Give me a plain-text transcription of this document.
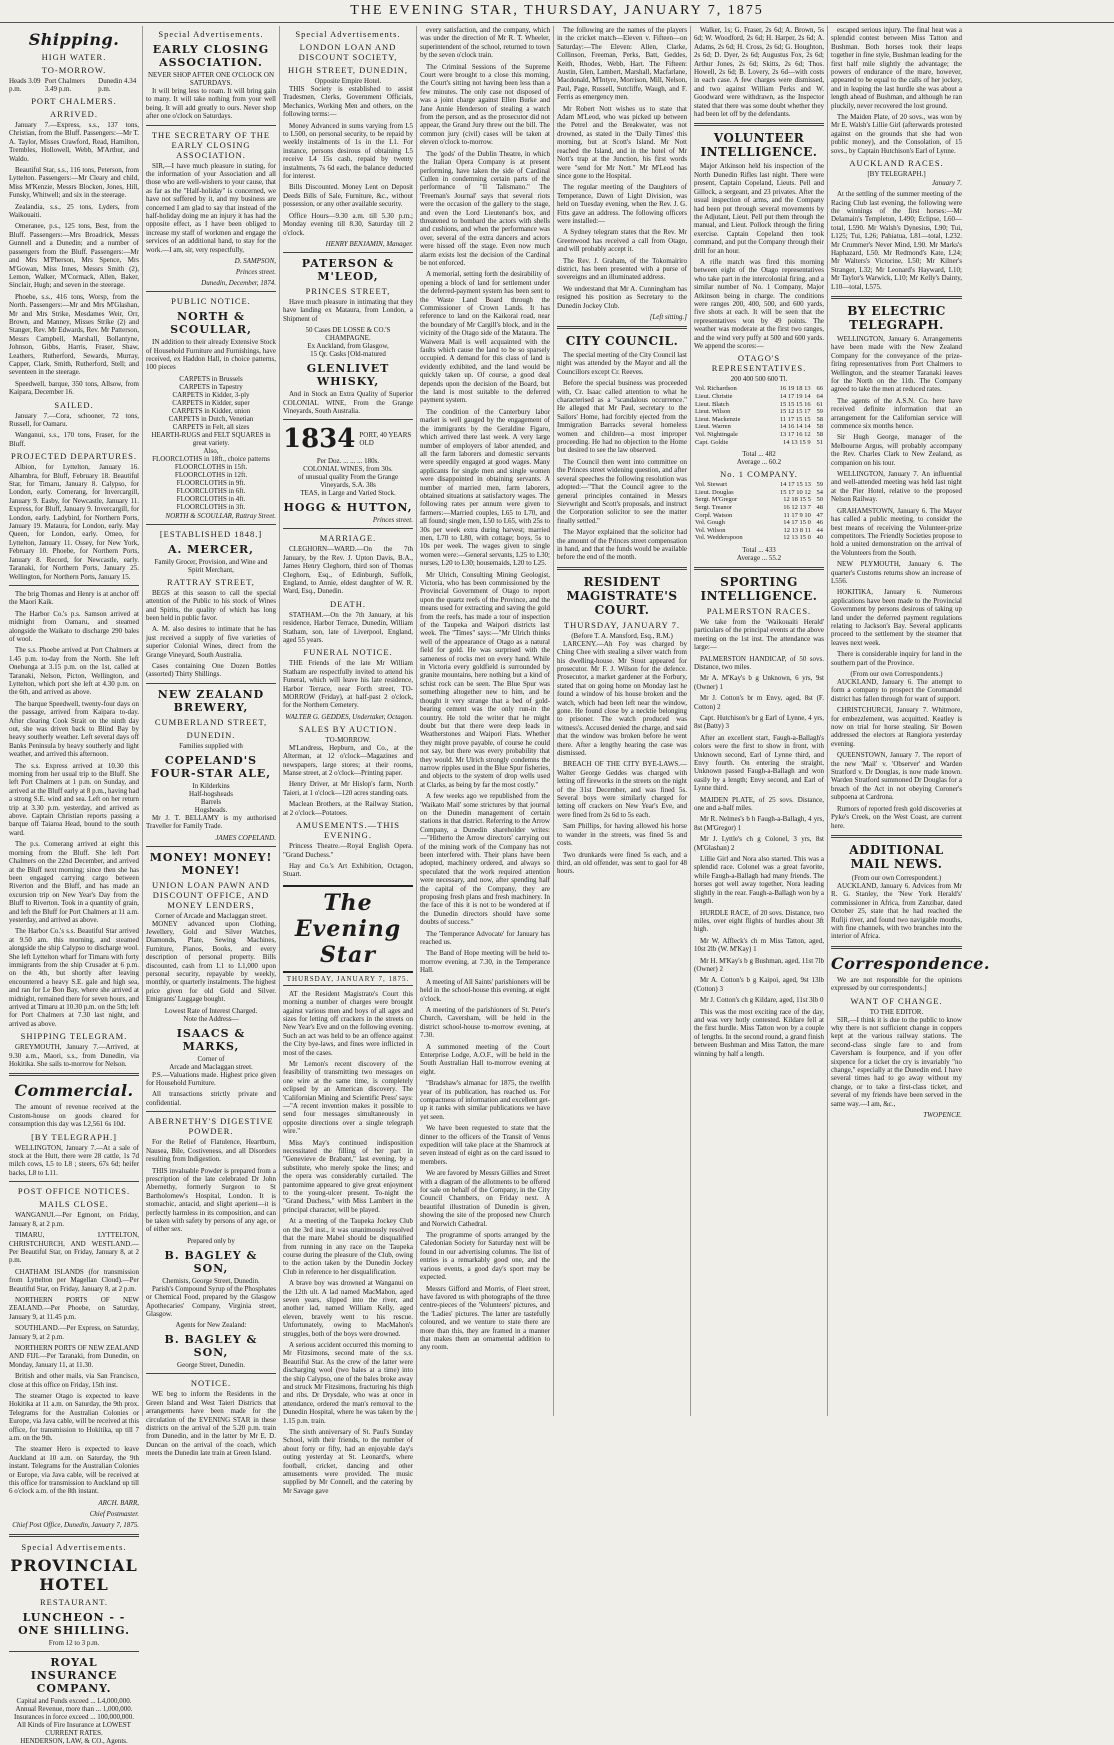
THE EVENING STAR, THURSDAY, JANUARY 7, 1875
Shipping.
HIGH WATER.
TO-MORROW.
Heads 3.09 p.m.
Port Chalmers 3.49 p.m.
Dunedin 4.34 p.m.
PORT CHALMERS.
ARRIVED.

January 7.—Express, s.s., 137 tons, Christian, from the Bluff. Passengers:—Mr T. A. Taylor, Misses Crawford, Read, Hamilton, Trembles, Hollowell, Webb, M'Arthur, and Waldo.

Beautiful Star, s.s., 116 tons, Peterson, from Lyttelton. Passengers:—Mr Cleary and child, Miss M'Kenzie, Messrs Blocken, Jones, Hill, Funsky, Whitwell; and six in the steerage.

Zealandia, s.s., 25 tons, Lyders, from Waikouaiti.

Omeranee, p.s., 125 tons, Best, from the Bluff. Passengers:—Mrs Broadrick, Messrs Gunnell and a Dunedin; and a number of passengers from the Bluff. Passengers:—Mr and Mrs M'Pherson, Mrs Spence, Mrs M'Gowan, Miss Innes, Messrs Smith (2), Lemon, Walker, M'Cormack, Allen, Baker, Sinclair, Hugh; and seven in the steerage.

Phoebe, s.s., 416 tons, Worsp, from the North. Passengers:—Mr and Mrs M'Glashan, Mr and Mrs Strike, Mesdames Weir, Orr, Brown, and Manney, Misses Strike (2) and Stanger, Rev. Mr Edwards, Rev. Mr Patterson, Messrs Campbell, Marshall, Bollantyne, Johnson, Gibbs, Harris, Fraser, Shaw, Leathers, Rutherford, Sewards, Murray, Capper, Clark, Smith, Rutherford, Stell; and seventeen in the steerage.

Speedwell, barque, 350 tons, Allsow, from Kaipara, December 16.

SAILED.

January 7.—Cora, schooner, 72 tons, Russell, for Oamaru.

Wanganui, s.s., 170 tons, Fraser, for the Bluff.

PROJECTED DEPARTURES.

Albion, for Lyttelton, January 16. Alhambra, for Bluff, February 18. Beautiful Star, for Timaru, January 8. Calypso, for London, early. Comerang, for Invercargill, January 9. Easby, for Newcastle, January 11. Express, for Bluff, January 9. Invercargill, for London, early. Ladybird, for Northern Ports, January 19. Mataura, for London, early. May Queen, for London, early. Omeo, for Lyttelton, January 11. Ossey, for New York, February 10. Phoebe, for Northern Ports, January 8. Record, for Newcastle, early. Taranaki, for Northern Ports, January 25. Wellington, for Northern Ports, January 15.

The brig Thomas and Henry is at anchor off the Maori Kaik.

The Harbor Co.'s p.s. Samson arrived at midnight from Oamaru, and steamed alongside the Waikato to discharge 290 bales of wool.

The s.s. Phoebe arrived at Port Chalmers at 1.45 p.m. to-day from the North. She left Onehunga at 3.15 p.m. on the 1st, called at Taranaki, Nelson, Picton, Wellington, and Lyttelton, which port she left at 4.30 p.m. on the 6th, and arrived as above.

The barque Speedwell, twenty-four days on the passage, arrived from Kaipara to-day. After clearing Cook Strait on the ninth day out, she was driven back to Blind Bay by heavy southerly weather. Left several days off Banks Peninsula by heavy southerly and light weather, and arrived this afternoon.

The s.s. Express arrived at 10.30 this morning from her usual trip to the Bluff. She left Port Chalmers at 1 p.m. on Sunday, and arrived at the Bluff early at 8 p.m., having had a strong S.E. wind and sea. Left on her return trip at 3.30 p.m. yesterday, and arrived as above. Captain Christian reports passing a barque off Taiaroa Head, bound to the south ward.

The p.s. Comerang arrived at eight this morning from the Bluff. She left Port Chalmers on the 22nd December, and arrived at the Bluff next morning; since then she has been engaged carrying cargo between Riverton and the Bluff, and has made an excursion trip on New Year's Day from the Bluff to Riverton. Took in a quantity of grain, and left the Bluff for Port Chalmers at 11 a.m. yesterday, and arrived as above.

The Harbor Co.'s s.s. Beautiful Star arrived at 9.50 am. this morning, and steamed alongside the ship Calypso to discharge wool. She left Lyttelton wharf for Timaru with forty immigrants from the ship Crusader at 6 p.m. on the 4th, but shortly after leaving encountered a heavy S.E. gale and high sea, and ran for Le Bon Bay, where she arrived at midnight, remained there for seven hours, and arrived at Timaru at 10.30 p.m. on the 5th; left for Port Chalmers at 7.30 last night, and arrived as above.

SHIPPING TELEGRAM.

GREYMOUTH, January 7.—Arrived, at 9.30 a.m., Maori, s.s., from Dunedin, via Hokitika. She sails to-morrow for Nelson.

Commercial.

The amount of revenue received at the Custom-house on goods cleared for consumption this day was L2,561 6s 10d.

[BY TELEGRAPH.]

WELLINGTON, January 7.—At a sale of stock at the Hutt, there were 28 cattle, 1s 7d milch cows, L5 to L8 ; steers, 67s 6d; heifer backs, L8 to L11.

POST OFFICE NOTICES.
MAILS CLOSE.

WANGANUI.—Per Egmont, on Friday, January 8, at 2 p.m.

TIMARU, LYTTELTON, CHRISTCHURCH, AND WESTLAND.—Per Beautiful Star, on Friday, January 8, at 2 p.m.

CHATHAM ISLANDS (for transmission from Lyttelton per Magellan Cloud).—Per Beautiful Star, on Friday, January 8, at 2 p.m.

NORTHERN PORTS OF NEW ZEALAND.—Per Phoebe, on Saturday, January 9, at 11.45 p.m.

SOUTHLAND.—Per Express, on Saturday, January 9, at 2 p.m.

NORTHERN PORTS OF NEW ZEALAND AND FIJI.—Per Taranaki, from Dunedin, on Monday, January 11, at 11.30.

British and other mails, via San Francisco, close at this office on Friday, 15th inst.

The steamer Otago is expected to leave Hokitika at 11 a.m. on Saturday, the 9th prox. Telegrams for the Australian Colonies or Europe, via Java cable, will be received at this office, for transmission to Hokitika, up till 7 a.m. on the 9th.

The steamer Hero is expected to leave Auckland at 10 a.m. on Saturday, the 9th instant. Telegrams for the Australian Colonies or Europe, via Java cable, will be received at this office for transmission to Auckland up till 6 o'clock a.m. of the 8th instant.

ARCH. BARR,
Chief Postmaster.
Chief Post Office, Dunedin, January 7, 1875.
Special Advertisements.
PROVINCIAL HOTEL
RESTAURANT.
LUNCHEON - - ONE SHILLING.
From 12 to 3 p.m.
ROYAL INSURANCE COMPANY.
Capital and Funds exceed ... L4,000,000.
Annual Revenue, more than ... 1,000,000.
Insurances in force exceed ... 100,000,000.
All Kinds of Fire Insurance at LOWEST CURRENT RATES.
HENDERSON, LAW, & CO., Agents.
Special Advertisements.
EARLY CLOSING ASSOCIATION.
NEVER SHOP AFTER ONE O'CLOCK ON SATURDAYS.

It will bring less to roam. It will bring gain to many. It will take nothing from your well being. It will add greatly to ours. Never shop after one o'clock on Saturdays.

THE SECRETARY OF THE EARLY CLOSING ASSOCIATION.

SIR,—I have much pleasure in stating, for the information of your Association and all those who are well-wishers to your cause, that as far as the "Half-holiday" is concerned, we have not suffered by it, and my business are concerned I am glad to say that instead of the half-holiday doing me an injury it has had the opposite effect, as I have been obliged to increase my staff of workmen and engage the services of an additional hand, to stay for the work.—I am, sir, very respectfully,

D. SAMPSON,
Princes street.
Dunedin, December, 1874.
PUBLIC NOTICE.
NORTH & SCOULLAR,

IN addition to their already Extensive Stock of Household Furniture and Furnishings, have received, ex Haddon Hall, in choice patterns, 100 pieces

CARPETS in Brussels
CARPETS in Tapestry
CARPETS in Kidder, 3-ply
CARPETS in Kidder, super
CARPETS in Kidder, union
CARPETS in Dutch, Venetian
CARPETS in Felt, all sizes
HEARTH-RUGS and FELT SQUARES in great variety.
Also,
FLOORCLOTHS in 18ft., choice patterns
FLOORCLOTHS in 15ft.
FLOORCLOTHS in 12ft.
FLOORCLOTHS in 9ft.
FLOORCLOTHS in 6ft.
FLOORCLOTHS in 4ft.
FLOORCLOTHS in 3ft.
NORTH & SCOULLAR, Rattray Street.
[ESTABLISHED 1848.]
A. MERCER,
Family Grocer, Provision, and Wine and Spirit Merchant,
RATTRAY STREET,

BEGS at this season to call the special attention of the Public to his stock of Wines and Spirits, the quality of which has long been held in public favor.

A. M. also desires to intimate that he has just received a supply of five varieties of superior Colonial Wines, direct from the Grange Vineyard, South Australia.

Cases containing One Dozen Bottles (assorted) Thirty Shillings.

NEW ZEALAND BREWERY,
CUMBERLAND STREET,
DUNEDIN.
Families supplied with
COPELAND'S FOUR-STAR ALE,
In Kilderkins
Half-hogsheads
Barrels
Hogsheads.

Mr J. T. BELLAMY is my authorised Traveller for Family Trade.

JAMES COPELAND.
MONEY! MONEY! MONEY!
UNION LOAN PAWN AND DISCOUNT OFFICE, AND MONEY LENDERS,
Corner of Arcade and Maclaggan street.

MONEY advanced upon Clothing, Jewellery, Gold and Silver Watches, Diamonds, Plate, Sewing Machines, Furniture, Pianos, Books, and every description of personal property. Bills discounted, cash from L1 to L1,000 upon personal security, repayable by weekly, monthly, or quarterly instalments. The highest price given for old Gold and Silver. Emigrants' Luggage bought.

Lowest Rate of Interest Charged.
Note the Address—
ISAACS & MARKS,
Corner of
Arcade and Maclaggan street.

P.S.—Valuations made. Highest price given for Household Furniture.

All transactions strictly private and confidential.

ABERNETHY'S DIGESTIVE POWDER.

For the Relief of Flatulence, Heartburn, Nausea, Bile, Costiveness, and all Disorders resulting from Indigestion.

THIS invaluable Powder is prepared from a prescription of the late celebrated Dr John Abernethy, formerly Surgeon to St Bartholomew's Hospital, London. It is stomachic, antacid, and slight aperient—it is perfectly harmless in its composition, and can be taken with safety by persons of any age, or of either sex.

Prepared only by
B. BAGLEY & SON,
Chemists, George Street, Dunedin.

Parish's Compound Syrup of the Phosphates or Chemical Food, prepared by the Glasgow Apothecaries' Company, Virginia street, Glasgow.

Agents for New Zealand:
B. BAGLEY & SON,
George Street, Dunedin.
NOTICE.

WE beg to inform the Residents in the Green Island and West Taieri Districts that arrangements have been made for the circulation of the EVENING STAR in these districts on the arrival of the 5.20 p.m. train from Dunedin, and in the latter by Mr E. D. Duncan on the arrival of the coach, which meets the Dunedin late train at Green Island.

Special Advertisements.
LONDON LOAN AND DISCOUNT SOCIETY,
HIGH STREET, DUNEDIN,
Opposite Empire Hotel.

THIS Society is established to assist Tradesmen, Clerks, Government Officials, Mechanics, Working Men and others, on the following terms:—

Money Advanced in sums varying from L5 to L500, on personal security, to be repaid by weekly instalments of 1s in the L1. For instance, persons desirous of obtaining L5 receive L4 15s cash, repaid by twenty instalments, 7s 6d each, the balance deducted for interest.

Bills Discounted. Money Lent on Deposit Deeds Bills of Sale, Furniture, &c., without possession, or any other available security.

Office Hours—9.30 a.m. till 5.30 p.m.; Monday evening till 8.30, Saturday till 2 o'clock.

HENRY BENJAMIN, Manager.
PATERSON & M'LEOD,
PRINCES STREET,

Have much pleasure in intimating that they have landing ex Mataura, from London, a Shipment of

50 Cases DE LOSSE & CO.'S CHAMPAGNE.
Ex Auckland, from Glasgow,
15 Qr. Casks [Old-matured
GLENLIVET WHISKY,

And in Stock an Extra Quality of Superior COLONIAL WINE, From the Grange Vineyards, South Australia.

1834 PORT, 40 YEARS OLD
Per Doz. ... ... ... 180s.
COLONIAL WINES, from 30s.
of unusual quality From the Grange Vineyards, S.A. 38s
TEAS, in Large and Varied Stock.
HOGG & HUTTON,
Princes street.
MARRIAGE.

CLEGHORN—WARD.—On the 7th January, by the Rev. J. Upton Davis, B.A., James Henry Cleghorn, third son of Thomas Cleghorn, Esq., of Edinburgh, Suffolk, England, to Annie, eldest daughter of W. R. Ward, Esq., Dunedin.

DEATH.

STATHAM.—On the 7th January, at his residence, Harbor Terrace, Dunedin, William Statham, son, late of Liverpool, England, aged 55 years.

FUNERAL NOTICE.

THE Friends of the late Mr William Statham are respectfully invited to attend his Funeral, which will leave his late residence, Harbor Terrace, near Forth street, TO-MORROW (Friday), at half-past 2 o'clock, for the Northern Cemetery.

WALTER G. GEDDES, Undertaker, Octagon.
SALES BY AUCTION.
TO-MORROW.

M'Landress, Hepburn, and Co., at the Alterman, at 12 o'clock—Magazines and newspapers, large stores; at their rooms, Manse street, at 2 o'clock—Printing paper.

Henry Driver, at Mr Hislop's farm, North Taieri, at 1 o'clock—120 acres standing oats.

Maclean Brothers, at the Railway Station, at 2 o'clock—Potatoes.

AMUSEMENTS.—THIS EVENING.

Princess Theatre.—Royal English Opera. "Grand Duchess."

Hay and Co.'s Art Exhibition, Octagon, Stuart.

The Evening Star
THURSDAY, JANUARY 7, 1875.

AT the Resident Magistrate's Court this morning a number of charges were brought against various men and boys of all ages and sizes for letting off crackers in the streets on New Year's Eve and on the following evening. Such an act was held to be an offence against the City bye-laws, and fines were inflicted in most of the cases.

Mr Lemon's recent discovery of the feasibility of transmitting two messages on one wire at the same time, is completely eclipsed by an American discovery. The 'Californian Mining and Scientific Press' says:—"A recent invention makes it possible to send four messages simultaneously in opposite directions over a single telegraph wire."

Miss May's continued indisposition necessitated the filling of her part in "Genevieve de Brabant," last evening, by a substitute, who merely spoke the lines; and the opera was considerably curtailed. The pantomime appeared to give great enjoyment to the young-ulcer present. To-night the "Grand Duchess," with Miss Lambert in the principal character, will be played.

At a meeting of the Taupeka Jockey Club on the 3rd inst., it was unanimously resolved that the mare Mabel should be disqualified from running in any race on the Taupeka course during the pleasure of the Club, owing to the action taken by the Dunedin Jockey Club in reference to her disqualification.

A brave boy was drowned at Wanganui on the 12th ult. A lad named MacMahon, aged seven years, slipped into the river, and another lad, named William Kelly, aged eleven, bravely went to his rescue. Unfortunately, owing to MacMahon's struggles, both of the boys were drowned.

A serious accident occurred this morning to Mr Fitzsimons, second mate of the s.s. Beautiful Star. As the crew of the latter were discharging wool (two bales at a time) into the ship Calypso, one of the bales broke away and struck Mr Fitzsimons, fracturing his thigh and ribs. Dr Drysdale, who was at once in attendance, ordered the man's removal to the Dunedin Hospital, where he was taken by the 1.15 p.m. train.

The sixth anniversary of St. Paul's Sunday School, with their friends, to the number of about forty or fifty, had an enjoyable day's outing yesterday at St. Leonard's, where football, cricket, dancing and other amusements were provided. The music supplied by Mr Connell, and the catering by Mr Savage gave

every satisfaction, and the company, which was under the direction of Mr R. T. Wheeler, superintendent of the school, returned to town by the seven o'clock train.

The Criminal Sessions of the Supreme Court were brought to a close this morning, the Court's sitting not having been less than a few minutes. The only case not disposed of was a joint charge against Ellen Burke and Jane Annie Henderson of stealing a watch from the person, and as the prosecutor did not appear, the Grand Jury threw out the bill. The common jury (civil) cases will be taken at eleven o'clock to-morrow.

The 'gods' of the Dublin Theatre, in which the Italian Opera Company is at present performing, have taken the side of Cardinal Cullen in condemning certain parts of the performance of "Il Talismano." The 'Freeman's Journal' says that several riots were the occasion of the gallery to the stage, and even the Lord Lieutenant's box, and threatened to bombard the actors with shells and cushions, and when the performance was over, several of the extra dancers and actors were hissed off the stage. Even now much alarm exists lest the decision of the Cardinal be not enforced.

A memorial, setting forth the desirability of opening a block of land for settlement under the deferred-payment system has been sent to the Waste Land Board through the Commissioner of Crown Lands. It has reference to land on the Kaikorai road, near the boundary of Mr Cargill's block, and in the vicinity of the Otago side of the Mataura. The Waiwera Mail is well acquainted with the faults which cause the land to be so sparsely occupied. A demand for this class of land is evidently exhibited, and the land would be quickly taken up. Of course, a good deal depends upon the decision of the Board, but the land is most suitable to the deferred payment system.

The condition of the Canterbury labor market is well gauged by the engagement of the immigrants by the Geraldine Figaro, which arrived there last week. A very large number of employers of labor attended, and all the farm laborers and domestic servants were speedily engaged at good wages. Many applicants for single men and single women were disappointed in obtaining servants. A number of married men, farm laborers, obtained situations at satisfactory wages. The following rates per annum were given to farmers:—Married couples, L65 to L70, and all found; single men, L50 to L65, with 25s to 30s per week extra during harvest; married men, L70 to L80, with cottage; boys, 5s to 10s per week. The wages given to single women were:—General servants, L25 to L30; nurses, L20 to L30; housemaids, L20 to L25.

Mr Ulrich, Consulting Mining Geologist, Victoria, who has been commissioned by the Provincial Government of Otago to report upon the quartz reefs of the Province, and the means used for extracting and saving the gold from the reefs, has made a tour of inspection of the Taupeka and Waipori districts last week. The "Times" says:—"Mr Ulrich thinks well of the appearance of Otago as a natural field for gold. He was surprised with the sameness of rocks met on every hand. While in Victoria every goldfield is surrounded by granite mountains, here nothing but a kind of schist rock can be seen. The Blue Spur was something altogether new to him, and he thought it very strange that a bed of gold-bearing cement was the only run-in the country. He told the writer that he might doubt but that there were deep leads in Weatherstones and Waipori Flats. Whether they might prove payable, of course he could not say, but there was every probability that they would. Mr Ulrich strongly condemns the narrow ripples used in the Blue Spur fisheries, and objects to the system of drop wells used at Clarks, as being by far the most costly."

A few weeks ago we republished from the 'Waikato Mail' some strictures by that journal on the Dunedin management of certain stations in that district. Referring to the Arrow Company, a Dunedin shareholder writes:—"Hitherto the Arrow directors' carrying out of the mining work of the Company has not been interfered with. Their plans have been adopted, machinery ordered, and always so speculated that the work required attention were necessary, and now, after spending half the capital of the Company, they are proposing fresh plans and fresh machinery. In the face of this it is not to be wondered at if the Dunedin directors should have some doubts of success."

The 'Temperance Advocate' for January has reached us.

The Band of Hope meeting will be held to-morrow evening, at 7.30, in the Temperance Hall.

A meeting of All Saints' parishioners will be held in the school-house this evening, at eight o'clock.

A meeting of the parishioners of St. Peter's Church, Caversham, will be held in the district school-house to-morrow evening, at 7.30.

A summoned meeting of the Court Enterprise Lodge, A.O.F., will be held in the South Australian Hall to-morrow evening at eight.

"Bradshaw's almanac for 1875, the twelfth year of its publication, has reached us. For compactness of information and excellent get-up it ranks with similar publications we have yet seen.

We have been requested to state that the dinner to the officers of the Transit of Venus expedition will take place at the Shamrock at seven instead of eight as on the card issued to members.

We are favored by Messrs Gillies and Street with a diagram of the allotments to be offered for sale on behalf of the Company, in the City Council Chambers, on Friday next. A beautiful illustration of Dunedin is given, showing the site of the proposed new Church and Norwich Cathedral.

The programme of sports arranged by the Caledonian Society for Saturday next will be found in our advertising columns. The list of entries is a remarkably good one, and the various events, a good day's sport may be expected.

Messrs Gifford and Morris, of Fleet street, have favored us with photographs of the three centre-pieces of the 'Volunteers' pictures, and the 'Ladies' pictures. The latter are tastefully coloured, and we venture to state there are more than this, they are framed in a manner that makes them an ornamental addition to any room.

The following are the names of the players in the cricket match—Eleven v. Fifteen—on Saturday:—The Eleven: Allen, Clarke, Collinson, Freeman, Perks, Batt, Geddes, Keith, Rhodes, Webb, Hart. The Fifteen: Austin, Glen, Lambert, Marshall, Macfarlane, Macdonald, M'Intyre, Morrison, Mill, Nelson, Paul, Page, Russell, Sutcliffe, Waugh, and F. Ferris as emergency men.

Mr Robert Nott wishes us to state that Adam M'Leod, who was picked up between the Petrel and the Breakwater, was not drowned, as stated in the 'Daily Times' this morning, but at Scott's Island. Mr Nott reached the Island, and in the hotel of Mr Nott's trap at the Junction, his first words were "send for Mr Nott." Mr M'Leod has since gone to the Hospital.

The regular meeting of the Daughters of Temperance, Dawn of Light Division, was held on Tuesday evening, when the Rev. J. G. Fitts gave an address. The following officers were installed:—

A Sydney telegram states that the Rev. Mr Greenwood has received a call from Otago, and will probably accept it.

The Rev. J. Graham, of the Tokomairiro district, has been presented with a purse of sovereigns and an illuminated address.

We understand that Mr A. Cunningham has resigned his position as Secretary to the Dunedin Jockey Club.

[Left sitting.]
CITY COUNCIL.

The special meeting of the City Council last night was attended by the Mayor and all the Councillors except Cr. Reeves.

Before the special business was proceeded with, Cr. Isaac called attention to what he characterised as a "scandalous occurrence." He alleged that Mr Paul, secretary to the Sailors' Home, had forcibly ejected from the Immigration Barracks several homeless women and children—a most improper proceeding. He had no objection to the Home but desired to see the law observed.

The Council then went into committee on the Princes street widening question, and after several speeches the following resolution was adopted:—"That the Council agree to the general principles contained in Messrs Sievwright and Scott's proposals, and instruct the Corporation solicitor to see the matter finally settled."

The Mayor explained that the solicitor had the amount of the Princes street compensation in hand, and that the funds would be available before the end of the month.

RESIDENT MAGISTRATE'S COURT.
THURSDAY, JANUARY 7.
(Before T. A. Mansford, Esq., R.M.)

LARCENY.—Ah Foy was charged by Ching Chee with stealing a silver watch from his dwelling-house. Mr Stout appeared for prosecutor. Mr F. J. Wilson for the defence. Prosecutor, a market gardener at the Forbury, stated that on going home on Monday last he found a window of his house broken and the watch, which had been left near the window, gone. He found close by a necktie belonging to prisoner. The watch produced was witness's. Accused denied the charge, and said that the window was broken before he went there. After a lengthy hearing the case was dismissed.

BREACH OF THE CITY BYE-LAWS.—Walter George Geddes was charged with letting off fireworks in the streets on the night of the 31st December, and was fined 5s. Several boys were similarly charged for letting off crackers on New Year's Eve, and were fined from 2s 6d to 5s each.

Sam Phillips, for having allowed his horse to wander in the streets, was fined 5s and costs.

Two drunkards were fined 5s each, and a third, an old offender, was sent to gaol for 48 hours.

Walker, 1s; G. Fraser, 2s 6d; A. Brown, 5s 6d; W. Woodford, 2s 6d; H. Harper, 2s 6d; A. Adams, 2s 6d; H. Cross, 2s 6d; G. Houghton, 2s 6d; D. Dyer, 2s 6d; Augustus Fox, 2s 6d; Arthur Jones, 2s 6d; Skitts, 2s 6d; Thos. Howell, 2s 6d; B. Lovery, 2s 6d—with costs in each case. A few charges were dismissed, and two against William Perks and W. Goodward were withdrawn, as the Inspector stated that there was some doubt whether they had been let off by the defendants.

VOLUNTEER INTELLIGENCE.

Major Atkinson held his inspection of the North Dunedin Rifles last night. There were present, Captain Copeland, Lieuts. Pell and Gillock, a sergeant, and 23 privates. After the usual inspection of arms, and the Company had been put through several movements by the Adjutant, Lieut. Pell put them through the manual, and Lieut. Pollock through the firing exercise. Captain Copeland then took command, and put the Company through their drill for an hour.

A rifle match was fired this morning between eight of the Otago representatives who take part in the intercolonial firing, and a similar number of No. 1 Company, Major Atkinson being in charge. The conditions were ranges 200, 400, 500, and 600 yards, five shots at each. It will be seen that the representatives won by 49 points. The weather was moderate at the first two ranges, and the wind very puffy at 500 and 600 yards. We append the scores:—

OTAGO'S REPRESENTATIVES.
200 400 500 600 Tl.
Vol. Richardson	16 19 18 13	66
Lieut. Christie	14 17 19 14	64
Lieut. Blatch	15 15 15 16	61
Lieut. Wilson	15 12 15 17	59
Lieut. Mackenzie	11 17 15 15	58
Lieut. Warren	14 16 14 14	58
Vol. Nightingale	13 17 16 12	58
Capt. Goldie	14 13 15 9	51
Total ... 482
Average ... 60.2
No. 1 COMPANY.
Vol. Stewart	14 17 15 13	59
Lieut. Douglas	15 17 10 12	54
Sergt. M'Gregor	12 18 15 5	50
Sergt. Treanor	16 12 13 7	48
Corpl. Watson	11 17 9 10	47
Vol. Gough	14 17 15 0	46
Vol. Wilson	12 13 8 11	44
Vol. Wedderspoon	12 13 15 0	40
Total ... 433
Average ... 55.2
SPORTING INTELLIGENCE.
PALMERSTON RACES.

We take from the 'Waikouaiti Herald' particulars of the principal events at the above meeting on the 1st inst. The attendance was large:—

PALMERSTON HANDICAP, of 50 sovs. Distance, two miles.

Mr A. M'Kay's b g Unknown, 6 yrs, 9st (Owner) 1

Mr J. Cotton's br m Envy, aged, 8st (F. Cotton) 2

Capt. Hutchison's br g Earl of Lynne, 4 yrs, 8st (Batty) 3

After an excellent start, Faugh-a-Ballagh's colors were the first to show in front, with Unknown second, Earl of Lynne third, and Envy fourth. On entering the straight, Unknown passed Faugh-a-Ballagh and won easily by a length; Envy second, and Earl of Lynne third.

MAIDEN PLATE, of 25 sovs. Distance, one and a-half miles.

Mr R. Nelmes's b h Faugh-a-Ballagh, 4 yrs, 8st (M'Gregor) 1

Mr J. Lyttle's ch g Colonel, 3 yrs, 8st (M'Glashan) 2

Lillie Girl and Nora also started. This was a splendid race. Colonel was a great favorite, while Faugh-a-Ballagh had many friends. The horses got well away together, Nora leading slightly in the rear. Faugh-a-Ballagh won by a length.

HURDLE RACE, of 20 sovs. Distance, two miles, over eight flights of hurdles about 3ft high.

Mr W. Affleck's ch m Miss Tatton, aged, 10st 2lb (W. M'Kay) 1

Mr H. M'Kay's b g Bushman, aged, 11st 7lb (Owner) 2

Mr A. Cotton's b g Kaipoi, aged, 9st 13lb (Cotton) 3

Mr J. Cotton's ch g Kildare, aged, 11st 3lb 0

This was the most exciting race of the day, and was very hotly contested. Kildare fell at the first hurdle. Miss Tatton won by a couple of lengths. In the second round, a grand finish between Bushman and Miss Tatton, the mare winning by half a length.

escaped serious injury. The final heat was a splendid contest between Miss Tatton and Bushman. Both horses took their leaps together in fine style, Bushman leading for the first half mile slightly the advantage; the powers of endurance of the mare, however, appeared to be equal to the calls of her jockey, and in leaping the last hurdle she was about a length ahead of Bushman, and although he ran pluckily, never recovered the lost ground.

The Maiden Plate, of 20 sovs., was won by Mr E. Walsh's Lillie Girl (afterwards protested against on the grounds that she had won public money), and the Consolation, of 15 sovs., by Captain Hutchison's Earl of Lynne.

AUCKLAND RACES.
[BY TELEGRAPH.]
January 7.

At the settling of the summer meeting of the Racing Club last evening, the following were the winnings of the first horses:—Mr Delamain's Templeton, L490; Eclipse, L60—total, L590. Mr Walsh's Dynesius, L90; Tui, L125; Tui, L26; Pahiatua, L81—total, L232. Mr Crummer's Never Mind, L90. Mr Marks's Haphazard, L50. Mr Redmond's Kate, L24; Mr Walters's Victorine, L50; Mr Kilner's Stranger, L32; Mr Leonard's Hayward, L10; Mr Taylor's Warwick, L10; Mr Kelly's Dainty, L10—total, L575.

BY ELECTRIC TELEGRAPH.

WELLINGTON, January 6. Arrangements have been made with the New Zealand Company for the conveyance of the prize-firing representatives from Port Chalmers to Wellington, and the steamer Taranaki leaves for the North on the 11th. The Company agreed to take the men at reduced rates.

The agents of the A.S.N. Co. here have received definite information that an arrangement for the Californian service will commence six months hence.

Sir Hugh George, manager of the Melbourne Argus, will probably accompany the Rev. Charles Clark to New Zealand, as companion on his tour.

WELLINGTON, January 7. An influential and well-attended meeting was held last night at the Pier Hotel, relative to the proposed Nelson Railway.

GRAHAMSTOWN, January 6. The Mayor has called a public meeting, to consider the best means of receiving the Volunteer-prize competitors. The Friendly Societies propose to hold a united demonstration on the arrival of the Volunteers from the South.

NEW PLYMOUTH, January 6. The quarter's Customs returns show an increase of L556.

HOKITIKA, January 6. Numerous applications have been made to the Provincial Government by persons desirous of taking up land under the deferred payment regulations relating to Jackson's Bay. Several applicants proceed to the settlement by the steamer that leaves next week.

There is considerable inquiry for land in the southern part of the Province.

(From our own Correspondents.)

AUCKLAND, January 6. The attempt to form a company to prospect the Coromandel district has fallen through for want of support.

CHRISTCHURCH, January 7. Whitmore, for embezzlement, was acquitted. Keatley is now on trial for horse stealing. Sir Bowen addressed the electors at Rangiora yesterday evening.

QUEENSTOWN, January 7. The report of the new 'Mail' v. 'Observer' and Warden Stratford v. Dr Douglas, is now made known. Warden Stratford summoned Dr Douglas for a breach of the Act in not obeying Coroner's subpoena at Cardrona.

Rumors of reported fresh gold discoveries at Pyke's Creek, on the West Coast, are current here.

ADDITIONAL MAIL NEWS.
(From our own Correspondent.)

AUCKLAND, January 6. Advices from Mr R. G. Stanley, the 'New York Herald's' commissioner in Africa, from Zanzibar, dated October 25, state that he had reached the Rufiji river, and found two navigable mouths, with fine channels, with two branches into the interior of Africa.

Correspondence.

We are not responsible for the opinions expressed by our correspondents.]

WANT OF CHANGE.
TO THE EDITOR.

SIR,—I think it is due to the public to know why there is not sufficient change in coppers kept at the various railway stations. The second-class single fare to and from Caversham is fourpence, and if you offer sixpence for a ticket the cry is invariably "no change," especially at the Dunedin end. I have several times had to go away without my change, or to take a first-class ticket, and several of my friends have been served in the same way.—I am, &c.,

TWOPENCE.
